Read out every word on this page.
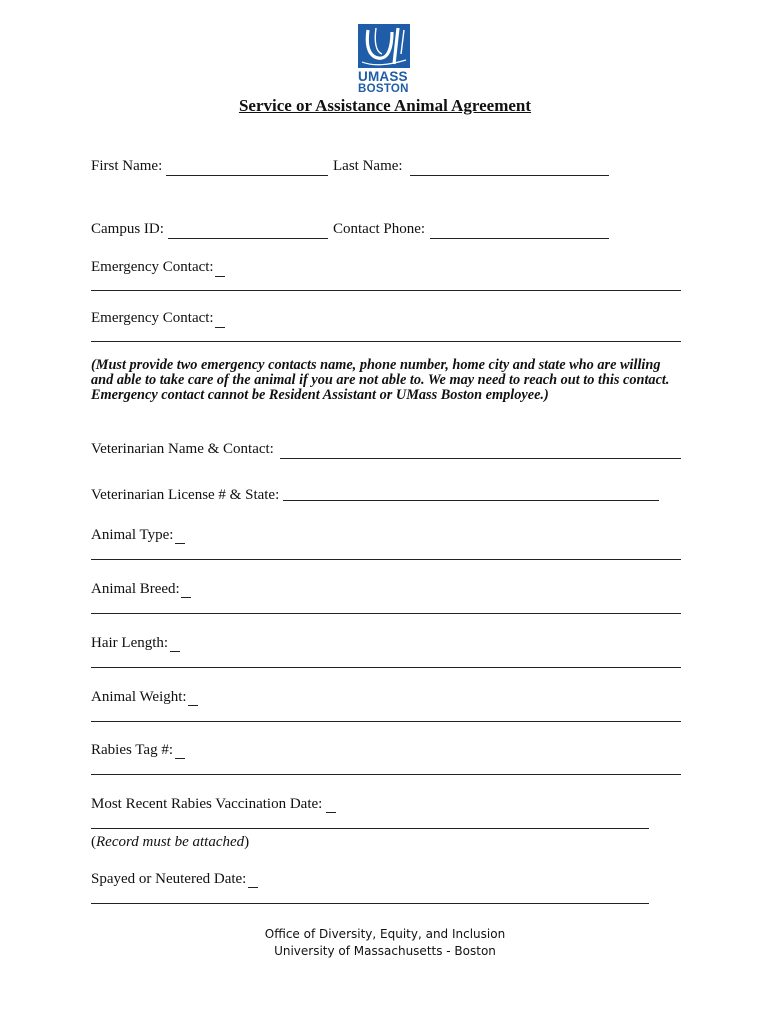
UMASS
BOSTON
Service or Assistance Animal Agreement
First Name:	Last Name:
Campus ID:	Contact Phone:
Emergency Contact:
Emergency Contact:
(Must provide two emergency contacts name, phone number, home city and state who are willing and able to take care of the animal if you are not able to. We may need to reach out to this contact. Emergency contact cannot be Resident Assistant or UMass Boston employee.)
Veterinarian Name & Contact:
Veterinarian License # & State:
Animal Type:
Animal Breed:
Hair Length:
Animal Weight:
Rabies Tag #:
Most Recent Rabies Vaccination Date:
(Record must be attached)
Spayed or Neutered Date:
Office of Diversity, Equity, and Inclusion
University of Massachusetts - Boston
